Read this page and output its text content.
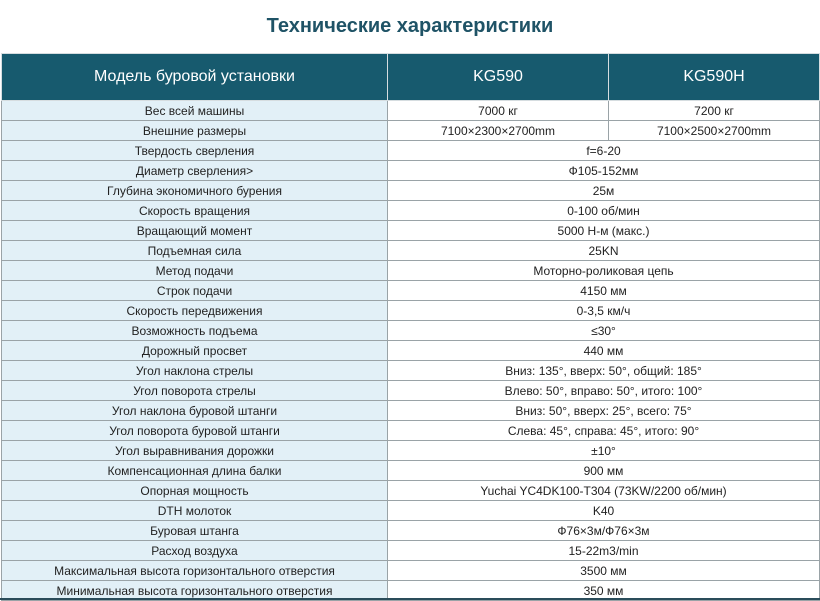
Технические характеристики
Модель буровой установки	KG590	KG590H
Вес всей машины	7000 кг	7200 кг
Внешние размеры	7100×2300×2700mm	7100×2500×2700mm
Твердость сверления	f=6-20	
Диаметр сверления>	Ф105-152мм	
Глубина экономичного бурения	25м	
Скорость вращения	0-100 об/мин	
Вращающий момент	5000 Н-м (макс.)	
Подъемная сила	25KN	
Метод подачи	Моторно-роликовая цепь	
Строк подачи	4150 мм	
Скорость передвижения	0-3,5 км/ч	
Возможность подъема	≤30°	
Дорожный просвет	440 мм	
Угол наклона стрелы	Вниз: 135°, вверх: 50°, общий: 185°	
Угол поворота стрелы	Влево: 50°, вправо: 50°, итого: 100°	
Угол наклона буровой штанги	Вниз: 50°, вверх: 25°, всего: 75°	
Угол поворота буровой штанги	Слева: 45°, справа: 45°, итого: 90°	
Угол выравнивания дорожки	±10°	
Компенсационная длина балки	900 мм	
Опорная мощность	Yuchai YC4DK100-T304 (73KW/2200 об/мин)	
DTH молоток	K40	
Буровая штанга	Ф76×3м/Ф76×3м	
Расход воздуха	15-22m3/min	
Максимальная высота горизонтального отверстия	3500 мм	
Минимальная высота горизонтального отверстия	350 мм	
